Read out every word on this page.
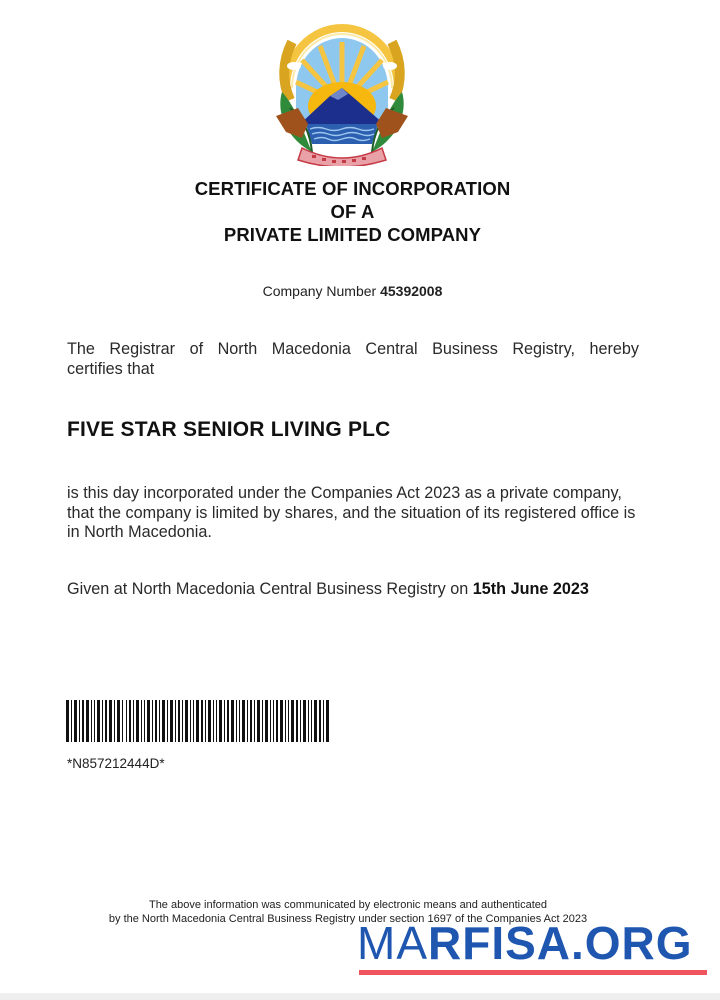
CERTIFICATE OF INCORPORATION
OF A
PRIVATE LIMITED COMPANY
Company Number 45392008
The Registrar of North Macedonia Central Business Registry, hereby
certifies that
FIVE STAR SENIOR LIVING PLC
is this day incorporated under the Companies Act 2023 as a private company, that the company is limited by shares, and the situation of its registered office is in North Macedonia.
Given at North Macedonia Central Business Registry on 15th June 2023
*N857212444D*
The above information was communicated by electronic means and authenticated
by the North Macedonia Central Business Registry under section 1697 of the Companies Act 2023
MARFISA.ORG
